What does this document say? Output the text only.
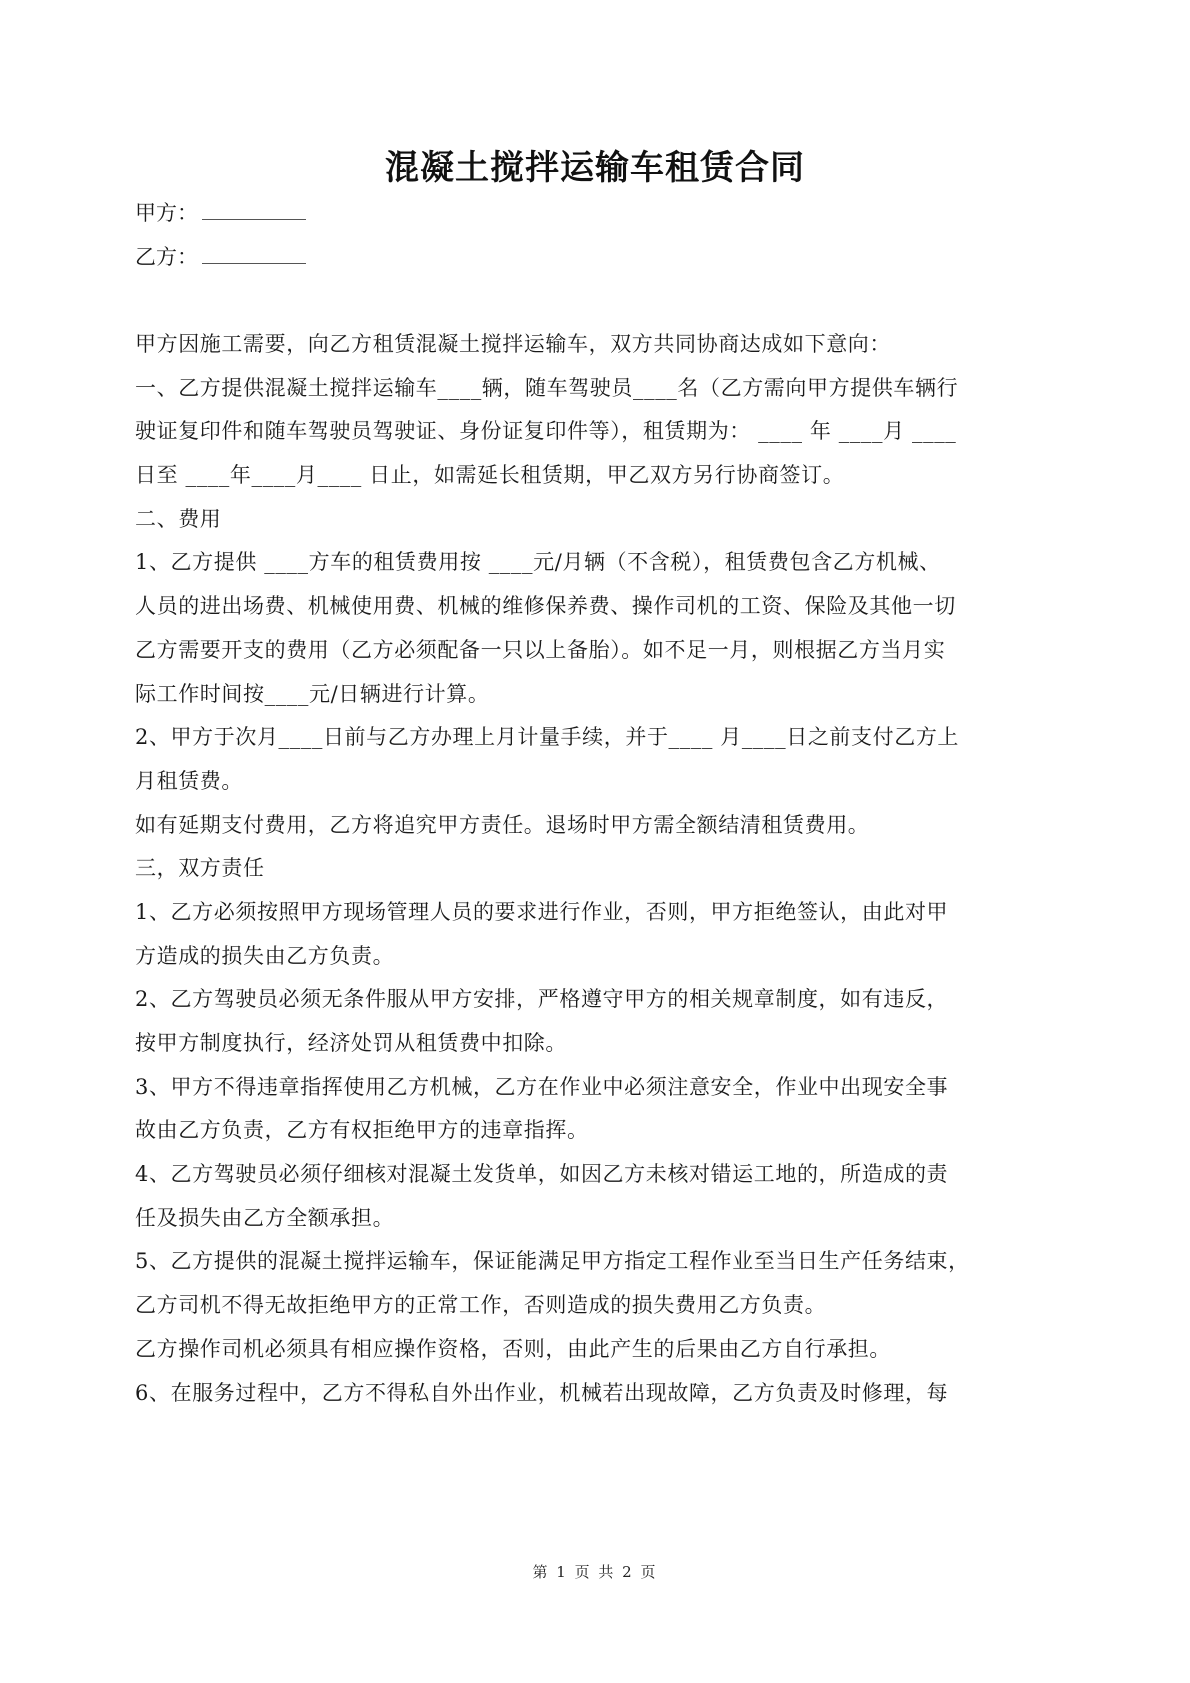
混凝土搅拌运输车租赁合同
甲方：
乙方：
甲方因施工需要，向乙方租赁混凝土搅拌运输车，双方共同协商达成如下意向：
一、乙方提供混凝土搅拌运输车____辆，随车驾驶员____名（乙方需向甲方提供车辆行
驶证复印件和随车驾驶员驾驶证、身份证复印件等），租赁期为： ____ 年 ____月 ____
日至 ____年____月____ 日止，如需延长租赁期，甲乙双方另行协商签订。
二、费用
1、乙方提供 ____方车的租赁费用按 ____元/月辆（不含税），租赁费包含乙方机械、
人员的进出场费、机械使用费、机械的维修保养费、操作司机的工资、保险及其他一切
乙方需要开支的费用（乙方必须配备一只以上备胎）。如不足一月，则根据乙方当月实
际工作时间按____元/日辆进行计算。
2、甲方于次月____日前与乙方办理上月计量手续，并于____ 月____日之前支付乙方上
月租赁费。
如有延期支付费用，乙方将追究甲方责任。退场时甲方需全额结清租赁费用。
三，双方责任
1、乙方必须按照甲方现场管理人员的要求进行作业，否则，甲方拒绝签认，由此对甲
方造成的损失由乙方负责。
2、乙方驾驶员必须无条件服从甲方安排，严格遵守甲方的相关规章制度，如有违反，
按甲方制度执行，经济处罚从租赁费中扣除。
3、甲方不得违章指挥使用乙方机械，乙方在作业中必须注意安全，作业中出现安全事
故由乙方负责，乙方有权拒绝甲方的违章指挥。
4、乙方驾驶员必须仔细核对混凝土发货单，如因乙方未核对错运工地的，所造成的责
任及损失由乙方全额承担。
5、乙方提供的混凝土搅拌运输车，保证能满足甲方指定工程作业至当日生产任务结束，
乙方司机不得无故拒绝甲方的正常工作，否则造成的损失费用乙方负责。
乙方操作司机必须具有相应操作资格，否则，由此产生的后果由乙方自行承担。
6、在服务过程中，乙方不得私自外出作业，机械若出现故障，乙方负责及时修理，每
第 1 页 共 2 页
